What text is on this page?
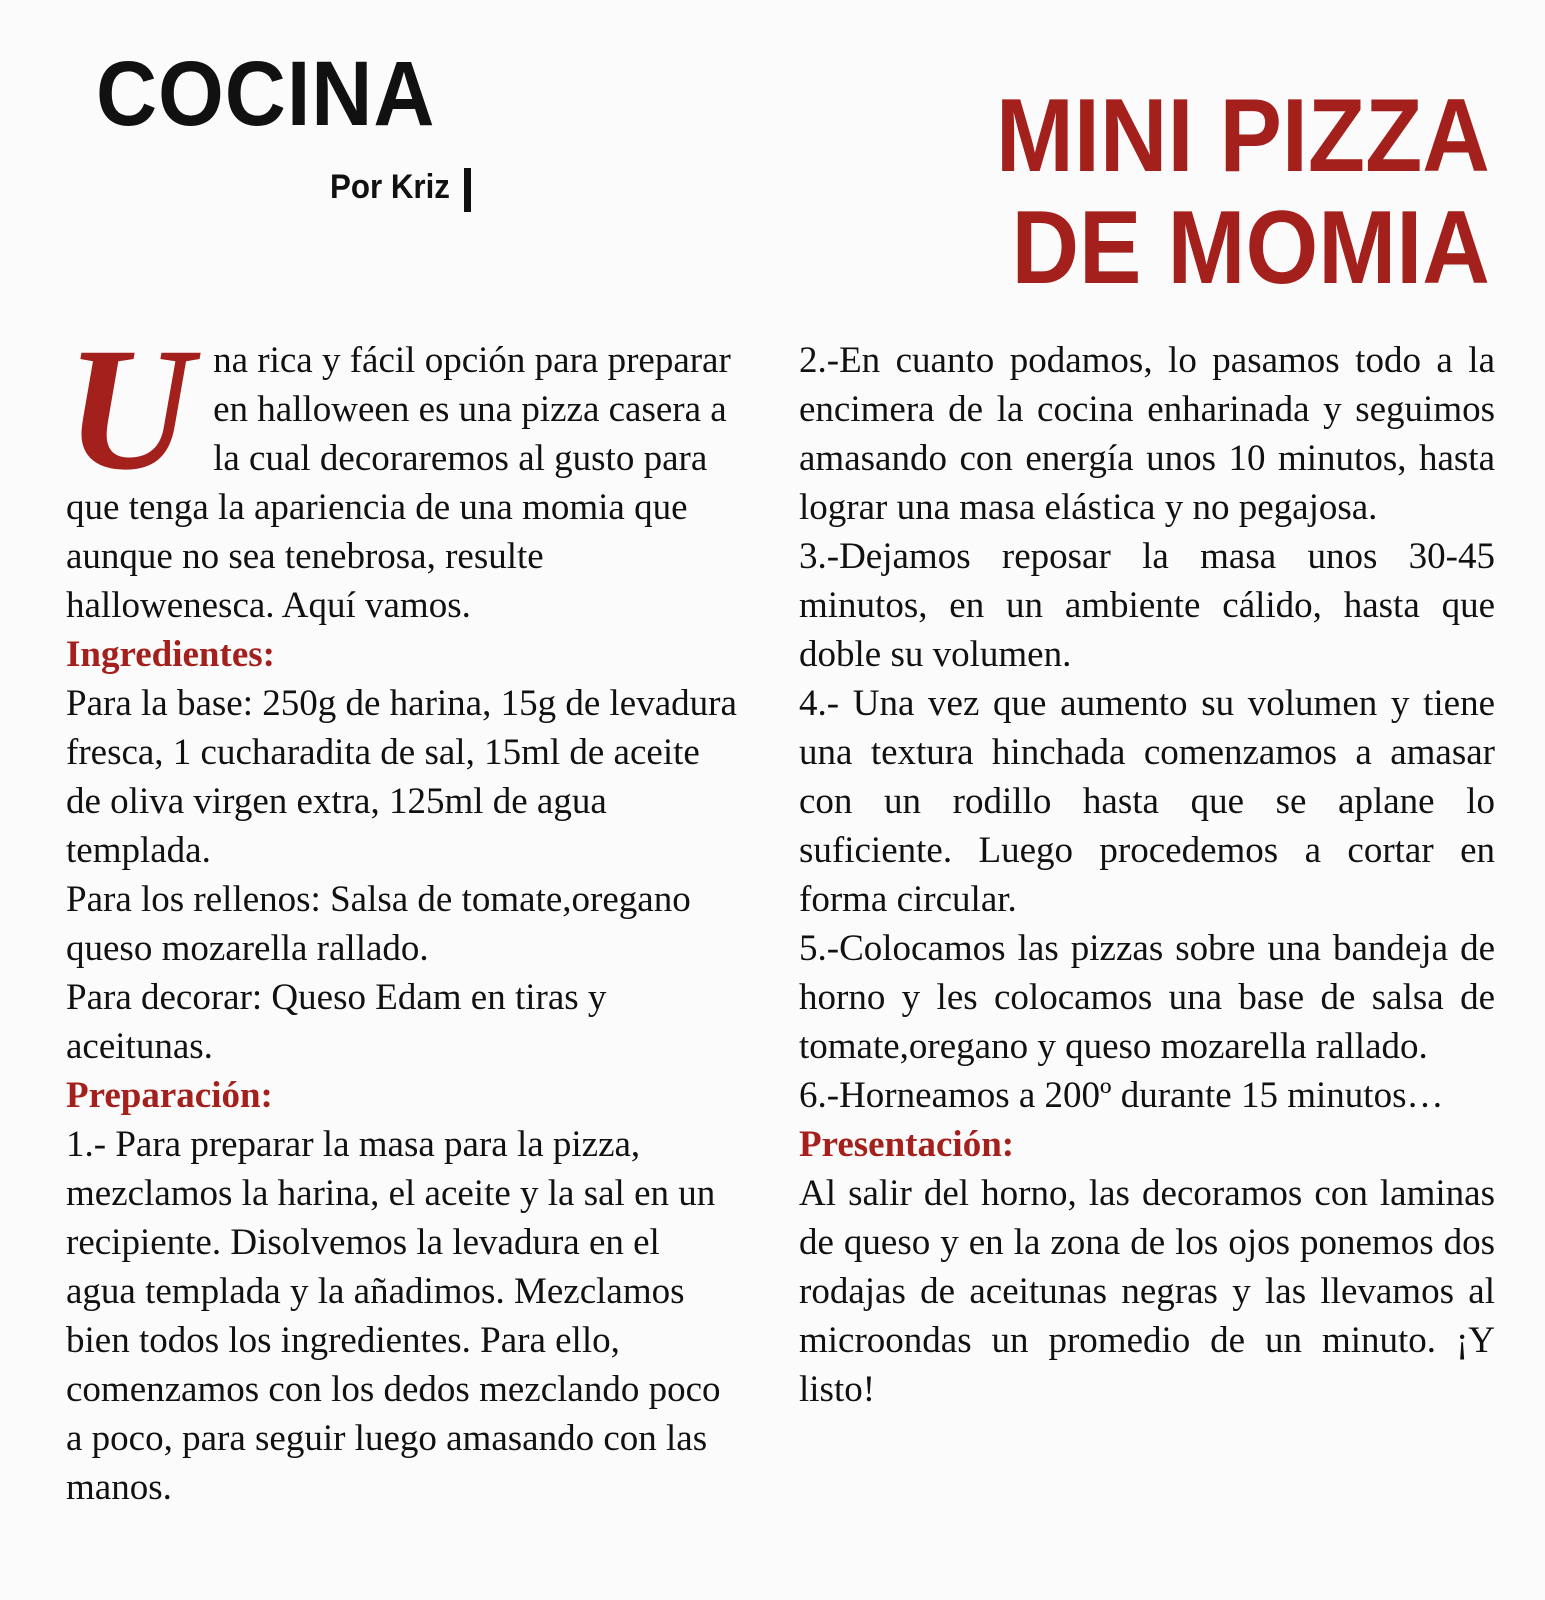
COCINA
Por Kriz	MINI PIZZA
DE MOMIA

U na rica y fácil opción para preparar en halloween es una pizza casera a la cual decoraremos al gusto para que tenga la apariencia de una momia que aunque no sea tenebrosa, resulte hallowenesca. Aquí vamos.

Ingredientes:

Para la base: 250g de harina, 15g de levadura fresca, 1 cucharadita de sal, 15ml de aceite de oliva virgen extra, 125ml de agua templada.

Para los rellenos: Salsa de tomate,oregano queso mozarella rallado.

Para decorar: Queso Edam en tiras y aceitunas.

Preparación:

1.- Para preparar la masa para la pizza, mezclamos la harina, el aceite y la sal en un recipiente. Disolvemos la levadura en el agua templada y la añadimos. Mezclamos bien todos los ingredientes. Para ello, comenzamos con los dedos mezclando poco a poco, para seguir luego amasando con las manos.

2.-En cuanto podamos, lo pasamos todo a la encimera de la cocina enharinada y seguimos amasando con energía unos 10 minutos, hasta lograr una masa elástica y no pegajosa.

3.-Dejamos reposar la masa unos 30-45 minutos, en un ambiente cálido, hasta que doble su volumen.

4.- Una vez que aumento su volumen y tiene una textura hinchada comenzamos a amasar con un rodillo hasta que se aplane lo suficiente. Luego procedemos a cortar en forma circular.

5.-Colocamos las pizzas sobre una bandeja de horno y les colocamos una base de salsa de tomate,oregano y queso mozarella rallado.

6.-Horneamos a 200º durante 15 minutos…

Presentación:

Al salir del horno, las decoramos con laminas de queso y en la zona de los ojos ponemos dos rodajas de aceitunas negras y las llevamos al microondas un promedio de un minuto. ¡Y listo!
